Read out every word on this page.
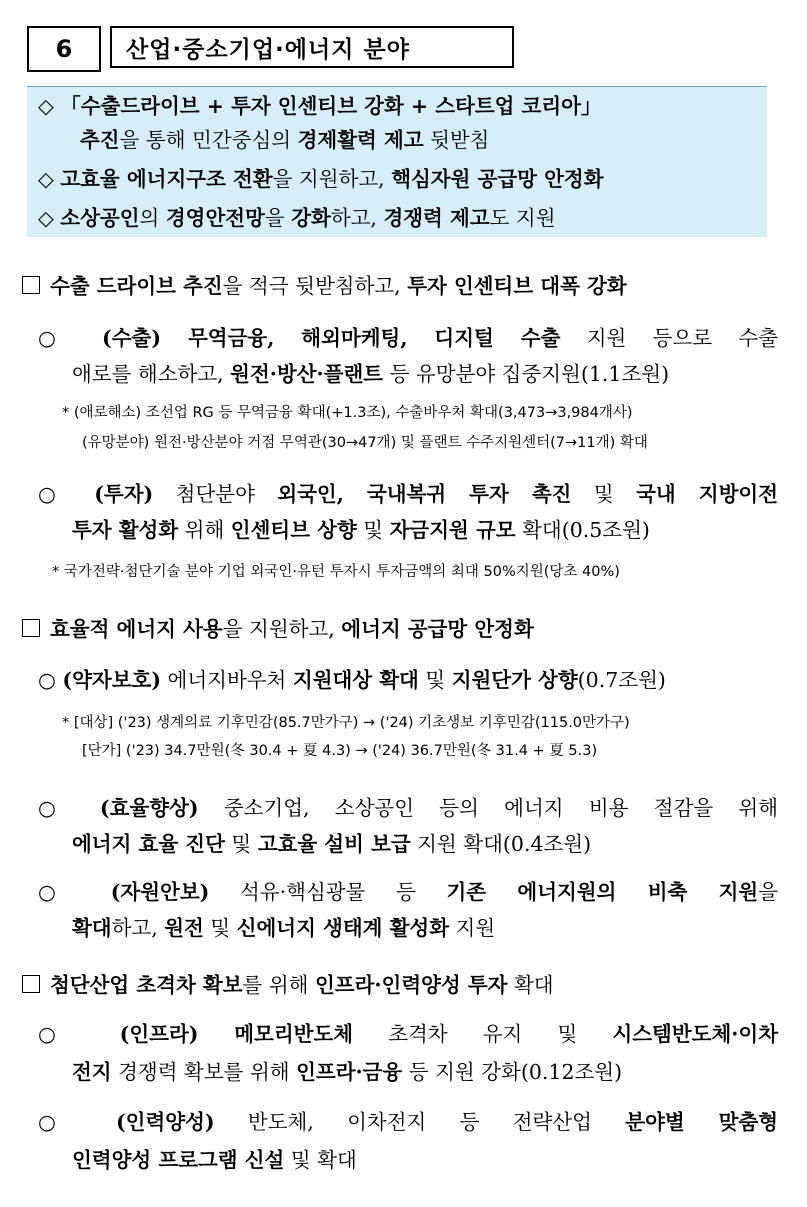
6 산업·중소기업·에너지 분야
◇ 「수출드라이브 + 투자 인센티브 강화 + 스타트업 코리아」
추진을 통해 민간중심의 경제활력 제고 뒷받침
◇ 고효율 에너지구조 전환을 지원하고, 핵심자원 공급망 안정화
◇ 소상공인의 경영안전망을 강화하고, 경쟁력 제고도 지원
수출 드라이브 추진을 적극 뒷받침하고, 투자 인센티브 대폭 강화
○ (수출) 무역금융, 해외마케팅, 디지털 수출 지원 등으로 수출
애로를 해소하고, 원전·방산·플랜트 등 유망분야 집중지원(1.1조원)
* (애로해소) 조선업 RG 등 무역금융 확대(+1.3조), 수출바우처 확대(3,473→3,984개사)
(유망분야) 원전·방산분야 거점 무역관(30→47개) 및 플랜트 수주지원센터(7→11개) 확대
○ (투자) 첨단분야 외국인, 국내복귀 투자 촉진 및 국내 지방이전
투자 활성화 위해 인센티브 상향 및 자금지원 규모 확대(0.5조원)
* 국가전략·첨단기술 분야 기업 외국인·유턴 투자시 투자금액의 최대 50%지원(당초 40%)
효율적 에너지 사용을 지원하고, 에너지 공급망 안정화
○ (약자보호) 에너지바우처 지원대상 확대 및 지원단가 상향(0.7조원)
* [대상] ('23) 생계의료 기후민감(85.7만가구) → ('24) 기초생보 기후민감(115.0만가구)
[단가] ('23) 34.7만원(冬 30.4 + 夏 4.3) → ('24) 36.7만원(冬 31.4 + 夏 5.3)
○ (효율향상) 중소기업, 소상공인 등의 에너지 비용 절감을 위해
에너지 효율 진단 및 고효율 설비 보급 지원 확대(0.4조원)
○ (자원안보) 석유·핵심광물 등 기존 에너지원의 비축 지원을
확대하고, 원전 및 신에너지 생태계 활성화 지원
첨단산업 초격차 확보를 위해 인프라·인력양성 투자 확대
○ (인프라) 메모리반도체 초격차 유지 및 시스템반도체·이차
전지 경쟁력 확보를 위해 인프라·금융 등 지원 강화(0.12조원)
○ (인력양성) 반도체, 이차전지 등 전략산업 분야별 맞춤형
인력양성 프로그램 신설 및 확대
